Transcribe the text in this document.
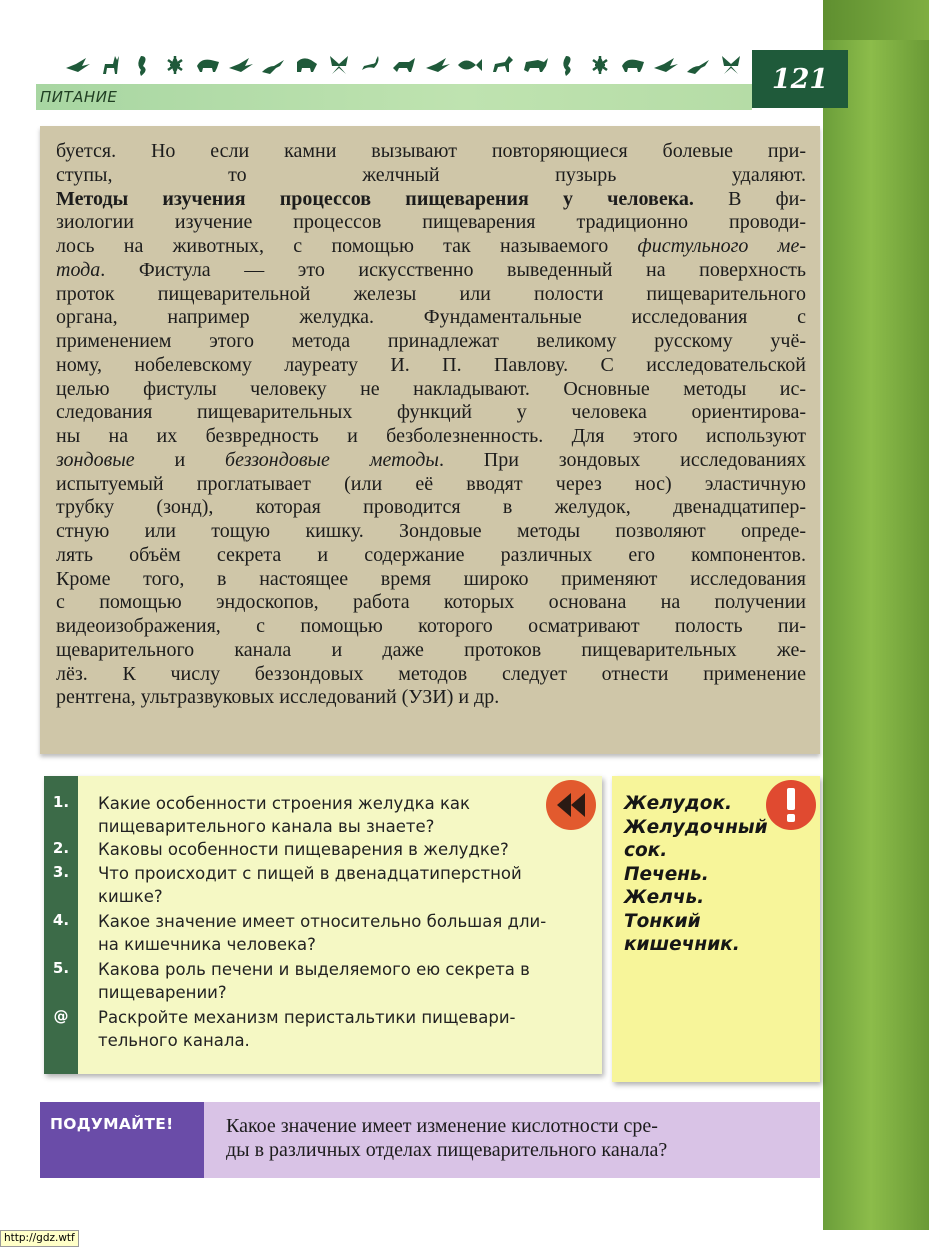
121
ПИТАНИЕ
буется. Но если камни вызывают повторяющиеся болевые при-
ступы, то желчный пузырь удаляют.
Методы изучения процессов пищеварения у человека. В фи-
зиологии изучение процессов пищеварения традиционно проводи-
лось на животных, с помощью так называемого фистульного ме-
тода. Фистула — это искусственно выведенный на поверхность
проток пищеварительной железы или полости пищеварительного
органа, например желудка. Фундаментальные исследования с
применением этого метода принадлежат великому русскому учё-
ному, нобелевскому лауреату И. П. Павлову. С исследовательской
целью фистулы человеку не накладывают. Основные методы ис-
следования пищеварительных функций у человека ориентирова-
ны на их безвредность и безболезненность. Для этого используют
зондовые и беззондовые методы. При зондовых исследованиях
испытуемый проглатывает (или её вводят через нос) эластичную
трубку (зонд), которая проводится в желудок, двенадцатипер-
стную или тощую кишку. Зондовые методы позволяют опреде-
лять объём секрета и содержание различных его компонентов.
Кроме того, в настоящее время широко применяют исследования
с помощью эндоскопов, работа которых основана на получении
видеоизображения, с помощью которого осматривают полость пи-
щеварительного канала и даже протоков пищеварительных же-
лёз. К числу беззондовых методов следует отнести применение
рентгена, ультразвуковых исследований (УЗИ) и др.
1. Какие особенности строения желудка как
пищеварительного канала вы знаете?
2. Каковы особенности пищеварения в желудке?
3. Что происходит с пищей в двенадцатиперстной
кишке?
4. Какое значение имеет относительно большая дли-
на кишечника человека?
5. Какова роль печени и выделяемого ею секрета в
пищеварении?
@	Раскройте механизм перистальтики пищевари-
тельного канала.
Желудок.
Желудочный
сок.
Печень.
Желчь.
Тонкий
кишечник.
ПОДУМАЙТЕ!	Какое значение имеет изменение кислотности сре-
ды в различных отделах пищеварительного канала?
http://gdz.wtf
